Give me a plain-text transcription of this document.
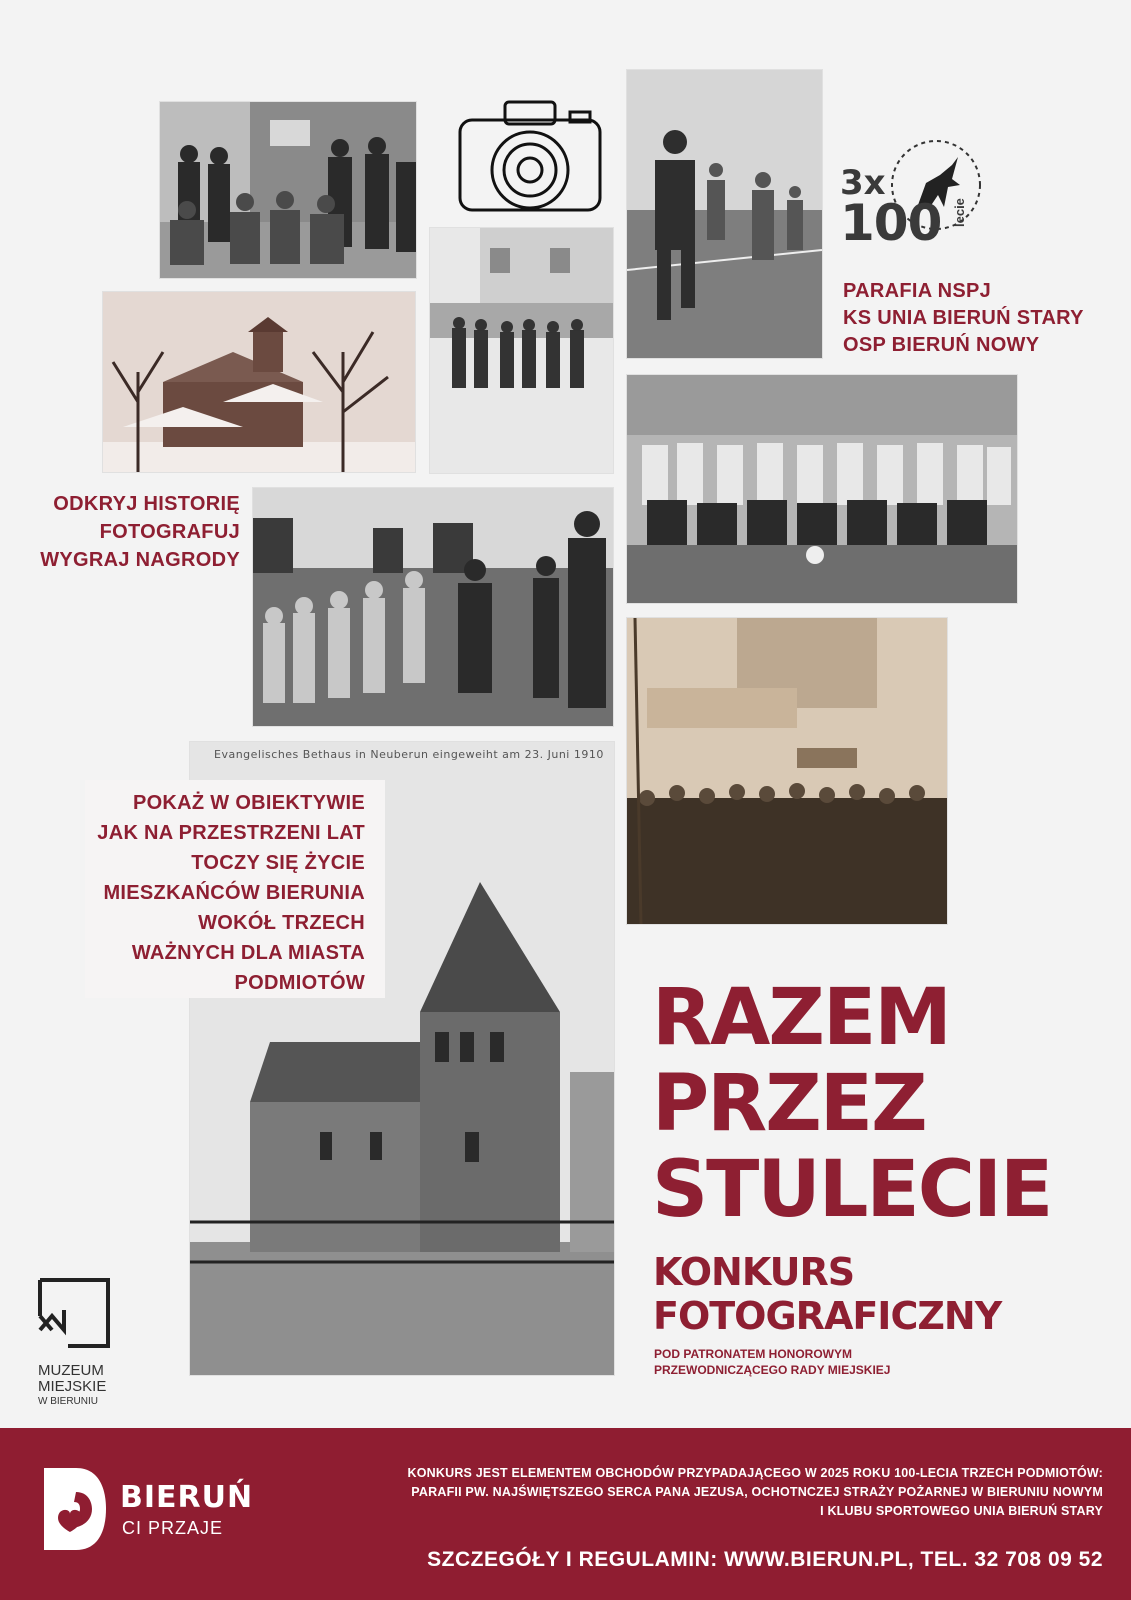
3x
100 lecie
PARAFIA NSPJ
KS UNIA BIERUŃ STARY
OSP BIERUŃ NOWY
ODKRYJ HISTORIĘ
FOTOGRAFUJ
WYGRAJ NAGRODY
Evangelisches Bethaus in Neuberun eingeweiht am 23. Juni 1910
POKAŻ W OBIEKTYWIE
JAK NA PRZESTRZENI LAT
TOCZY SIĘ ŻYCIE
MIESZKAŃCÓW BIERUNIA
WOKÓŁ TRZECH
WAŻNYCH DLA MIASTA
PODMIOTÓW	RAZEM
PRZEZ
STULECIE
KONKURS
FOTOGRAFICZNY
POD PATRONATEM HONOROWYM
PRZEWODNICZĄCEGO RADY MIEJSKIEJ
MUZEUM
MIEJSKIE
W BIERUNIU
BIERUŃ
CI PRZAJE
KONKURS JEST ELEMENTEM OBCHODÓW PRZYPADAJĄCEGO W 2025 ROKU 100-LECIA TRZECH PODMIOTÓW:
PARAFII PW. NAJŚWIĘTSZEGO SERCA PANA JEZUSA, OCHOTNCZEJ STRAŻY POŻARNEJ W BIERUNIU NOWYM
I KLUBU SPORTOWEGO UNIA BIERUŃ STARY
SZCZEGÓŁY I REGULAMIN: WWW.BIERUN.PL, TEL. 32 708 09 52
